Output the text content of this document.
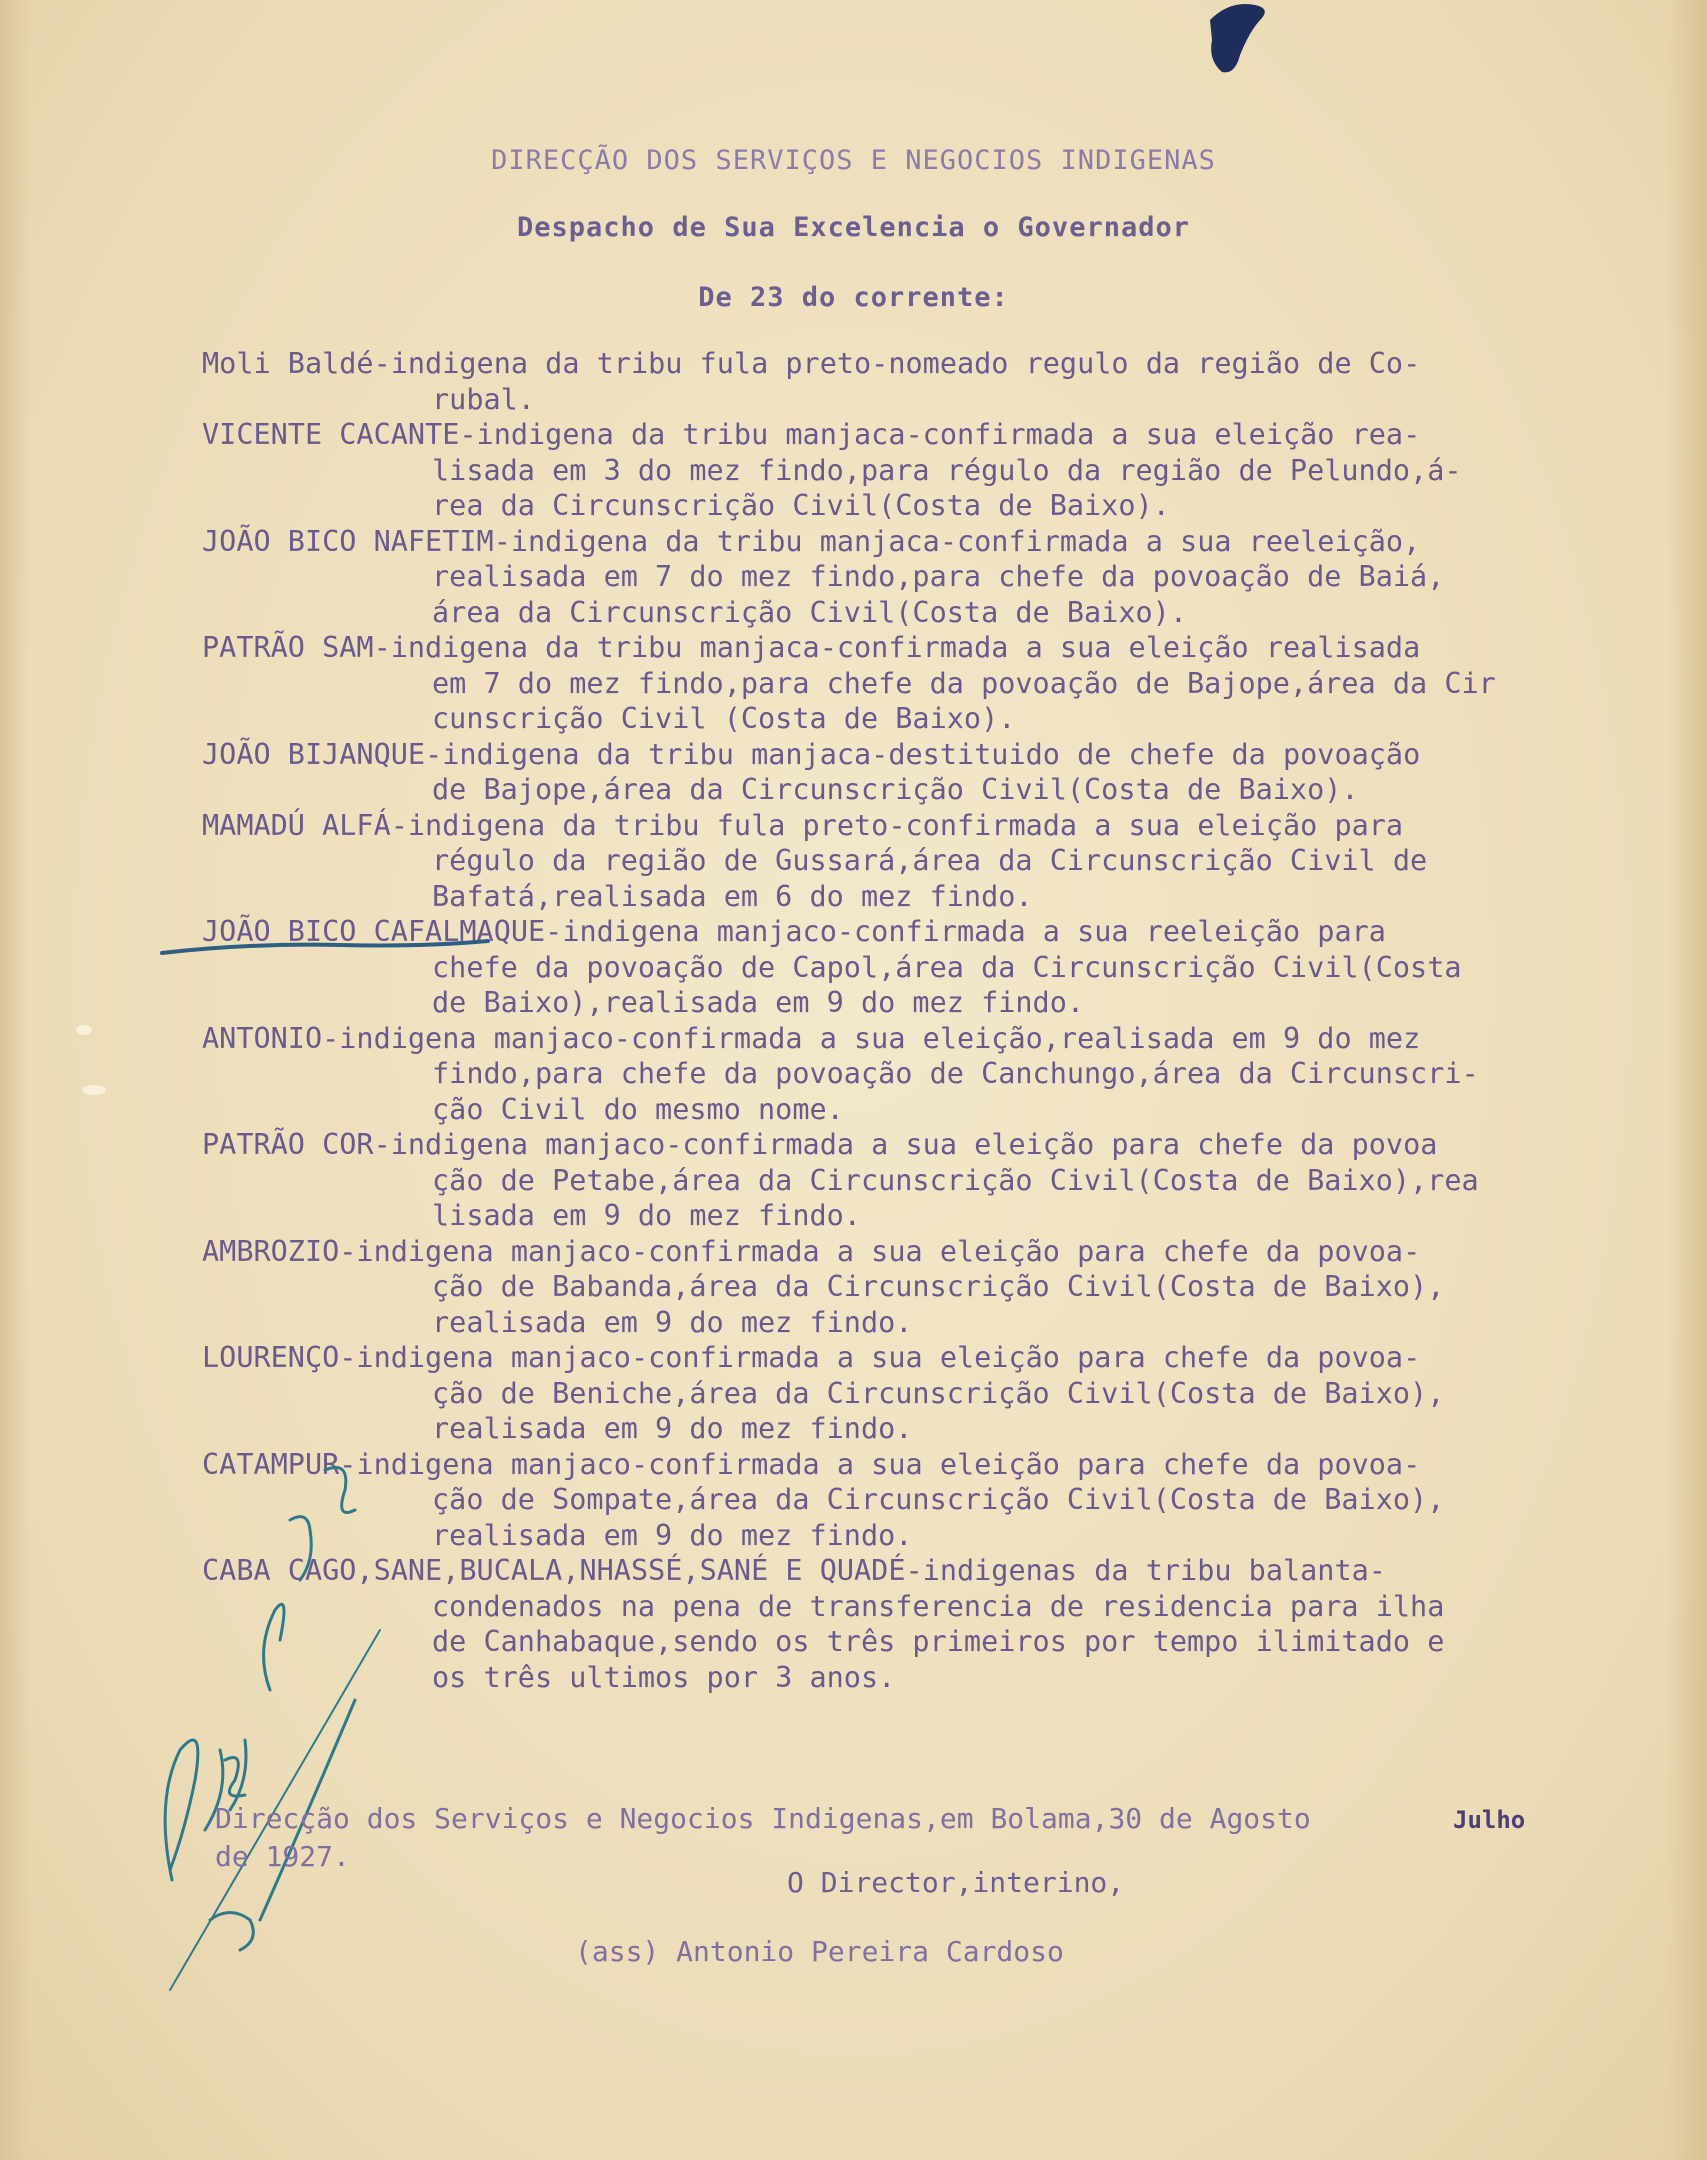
DIRECÇÃO DOS SERVIÇOS E NEGOCIOS INDIGENAS
Despacho de Sua Excelencia o Governador
De 23 do corrente:
Moli Baldé-indigena da tribu fula preto-nomeado regulo da região de Co-
rubal.
VICENTE CACANTE-indigena da tribu manjaca-confirmada a sua eleição rea-
lisada em 3 do mez findo,para régulo da região de Pelundo,á-
rea da Circunscrição Civil(Costa de Baixo).
JOÃO BICO NAFETIM-indigena da tribu manjaca-confirmada a sua reeleição,
realisada em 7 do mez findo,para chefe da povoação de Baiá,
área da Circunscrição Civil(Costa de Baixo).
PATRÃO SAM-indigena da tribu manjaca-confirmada a sua eleição realisada
em 7 do mez findo,para chefe da povoação de Bajope,área da Cir
cunscrição Civil (Costa de Baixo).
JOÃO BIJANQUE-indigena da tribu manjaca-destituido de chefe da povoação
de Bajope,área da Circunscrição Civil(Costa de Baixo).
MAMADÚ ALFÁ-indigena da tribu fula preto-confirmada a sua eleição para
régulo da região de Gussará,área da Circunscrição Civil de
Bafatá,realisada em 6 do mez findo.
JOÃO BICO CAFALMAQUE-indigena manjaco-confirmada a sua reeleição para
chefe da povoação de Capol,área da Circunscrição Civil(Costa
de Baixo),realisada em 9 do mez findo.
ANTONIO-indigena manjaco-confirmada a sua eleição,realisada em 9 do mez
findo,para chefe da povoação de Canchungo,área da Circunscri-
ção Civil do mesmo nome.
PATRÃO COR-indigena manjaco-confirmada a sua eleição para chefe da povoa
ção de Petabe,área da Circunscrição Civil(Costa de Baixo),rea
lisada em 9 do mez findo.
AMBROZIO-indigena manjaco-confirmada a sua eleição para chefe da povoa-
ção de Babanda,área da Circunscrição Civil(Costa de Baixo),
realisada em 9 do mez findo.
LOURENÇO-indigena manjaco-confirmada a sua eleição para chefe da povoa-
ção de Beniche,área da Circunscrição Civil(Costa de Baixo),
realisada em 9 do mez findo.
CATAMPUR-indigena manjaco-confirmada a sua eleição para chefe da povoa-
ção de Sompate,área da Circunscrição Civil(Costa de Baixo),
realisada em 9 do mez findo.
CABA CAGO,SANE,BUCALA,NHASSÉ,SANÉ E QUADÉ-indigenas da tribu balanta-
condenados na pena de transferencia de residencia para ilha
de Canhabaque,sendo os três primeiros por tempo ilimitado e
os três ultimos por 3 anos.
Direcção dos Serviços e Negocios Indigenas,em Bolama,30 de Agosto
de 1927.
Julho
O Director,interino,
(ass) Antonio Pereira Cardoso
